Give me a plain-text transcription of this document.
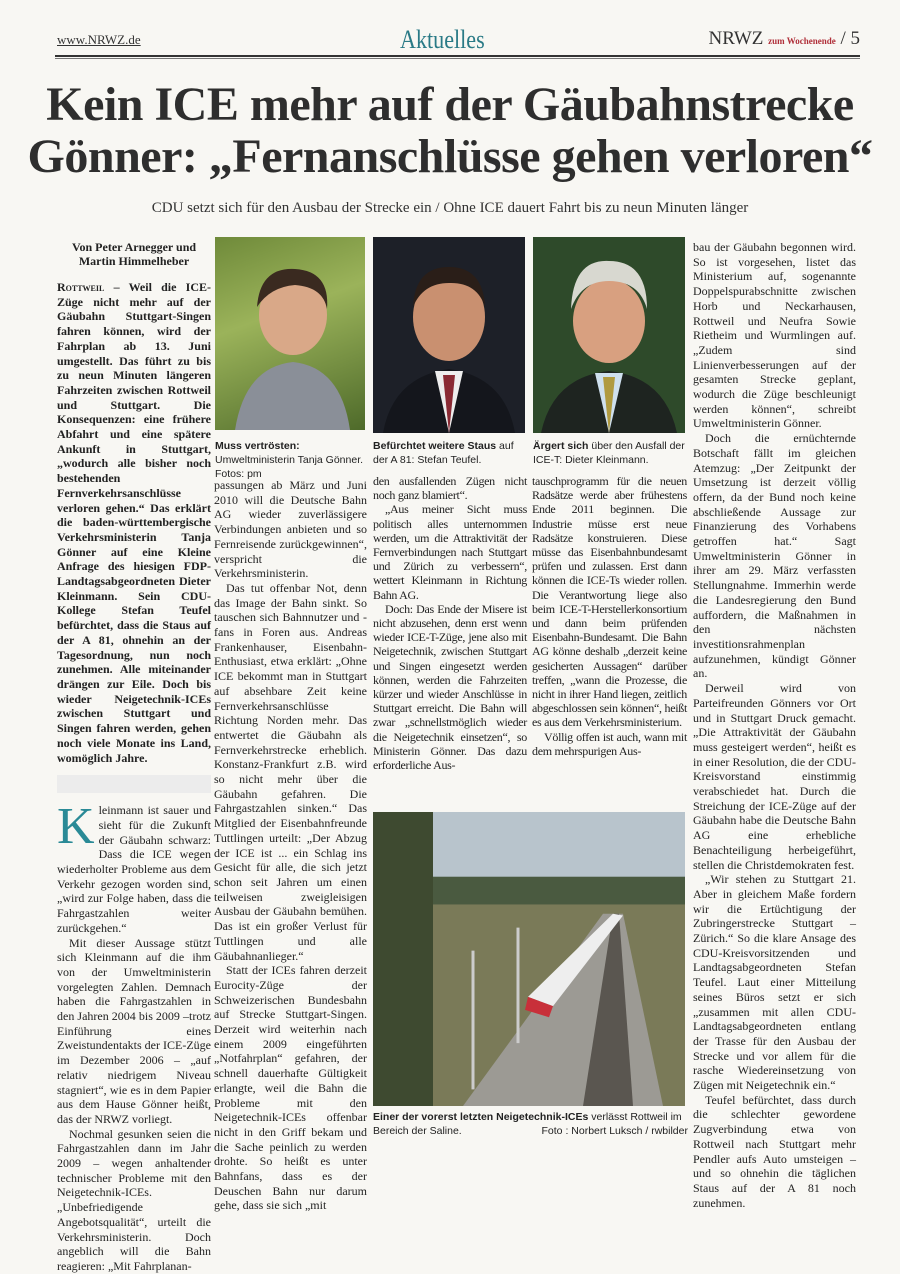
www.NRWZ.de	Aktuelles	NRWZ zum Wochenende / 5
Kein ICE mehr auf der Gäubahnstrecke
Gönner: „Fernanschlüsse gehen verloren“
CDU setzt sich für den Ausbau der Strecke ein / Ohne ICE dauert Fahrt bis zu neun Minuten länger

Von Peter Arnegger und Martin Himmelheber

Rottweil – Weil die ICE-Züge nicht mehr auf der Gäubahn Stuttgart-Singen fahren können, wird der Fahrplan ab 13. Juni umgestellt. Das führt zu bis zu neun Minuten längeren Fahrzeiten zwischen Rottweil und Stuttgart. Die Konsequenzen: eine frühere Abfahrt und eine spätere Ankunft in Stuttgart, „wodurch alle bisher noch bestehenden Fernverkehrsanschlüsse verloren gehen.“ Das erklärt die baden-württembergische Verkehrsministerin Tanja Gönner auf eine Kleine Anfrage des hiesigen FDP-Landtagsabgeordneten Dieter Kleinmann. Sein CDU-Kollege Stefan Teufel befürchtet, dass die Staus auf der A 81, ohnehin an der Tagesordnung, nun noch zunehmen. Alle miteinander drängen zur Eile. Doch bis wieder Neigetechnik-ICEs zwischen Stuttgart und Singen fahren werden, gehen noch viele Monate ins Land, womöglich Jahre.

Kleinmann ist sauer und sieht für die Zukunft der Gäubahn schwarz: Dass die ICE wegen wiederholter Probleme aus dem Verkehr gezogen worden sind, „wird zur Folge haben, dass die Fahrgastzahlen weiter zurückgehen.“

Mit dieser Aussage stützt sich Kleinmann auf die ihm von der Umweltministerin vorgelegten Zahlen. Demnach haben die Fahrgastzahlen in den Jahren 2004 bis 2009 –trotz Einführung eines Zweistundentakts der ICE-Züge im Dezember 2006 – „auf relativ niedrigem Niveau stagniert“, wie es in dem Papier aus dem Hause Gönner heißt, das der NRWZ vorliegt.

Nochmal gesunken seien die Fahrgastzahlen dann im Jahr 2009 – wegen anhaltender technischer Probleme mit den Neigetechnik-ICEs. „Unbefriedigende Angebotsqualität“, urteilt die Verkehrsministerin. Doch angeblich will die Bahn reagieren: „Mit Fahrplanan-

Muss vertrösten: Umweltministerin Tanja Gönner. Fotos: pm
Befürchtet weitere Staus auf der A 81: Stefan Teufel.
Ärgert sich über den Ausfall der ICE-T: Dieter Kleinmann.

passungen ab März und Juni 2010 will die Deutsche Bahn AG wieder zuverlässigere Verbindungen anbieten und so Fernreisende zurückgewinnen“, verspricht die Verkehrsministerin.

Das tut offenbar Not, denn das Image der Bahn sinkt. So tauschen sich Bahnnutzer und -fans in Foren aus. Andreas Frankenhauser, Eisenbahn-Enthusiast, etwa erklärt: „Ohne ICE bekommt man in Stuttgart auf absehbare Zeit keine Fernverkehrsanschlüsse Richtung Norden mehr. Das entwertet die Gäubahn als Fernverkehrstrecke erheblich. Konstanz-Frankfurt z.B. wird so nicht mehr über die Gäubahn gefahren. Die Fahrgastzahlen sinken.“ Das Mitglied der Eisenbahnfreunde Tuttlingen urteilt: „Der Abzug der ICE ist ... ein Schlag ins Gesicht für alle, die sich jetzt schon seit Jahren um einen teilweisen zweigleisigen Ausbau der Gäubahn bemühen. Das ist ein großer Verlust für Tuttlingen und alle Gäubahnanlieger.“

Statt der ICEs fahren derzeit Eurocity-Züge der Schweizerischen Bundesbahn auf Strecke Stuttgart-Singen. Derzeit wird weiterhin nach einem 2009 eingeführten „Notfahrplan“ gefahren, der schnell dauerhafte Gültigkeit erlangte, weil die Bahn die Probleme mit den Neigetechnik-ICEs offenbar nicht in den Griff bekam und die Sache peinlich zu werden drohte. So heißt es unter Bahnfans, dass es der Deuschen Bahn nur darum gehe, dass sie sich „mit

den ausfallenden Zügen nicht noch ganz blamiert“.

„Aus meiner Sicht muss politisch alles unternommen werden, um die Attraktivität der Fernverbindungen nach Stuttgart und Zürich zu verbessern“, wettert Kleinmann in Richtung Bahn AG.

Doch: Das Ende der Misere ist nicht abzusehen, denn erst wenn wieder ICE-T-Züge, jene also mit Neigetechnik, zwischen Stuttgart und Singen eingesetzt werden können, werden die Fahrzeiten kürzer und wieder Anschlüsse in Stuttgart erreicht. Die Bahn will zwar „schnellstmöglich wieder die Neigetechnik einsetzen“, so Ministerin Gönner. Das dazu erforderliche Aus-

tauschprogramm für die neuen Radsätze werde aber frühestens Ende 2011 beginnen. Die Industrie müsse erst neue Radsätze konstruieren. Diese müsse das Eisenbahnbundesamt prüfen und zulassen. Erst dann können die ICE-Ts wieder rollen. Die Verantwortung liege also beim ICE-T-Herstellerkonsortium und dann beim prüfenden Eisenbahn-Bundesamt. Die Bahn AG könne deshalb „derzeit keine gesicherten Aussagen“ darüber treffen, „wann die Prozesse, die nicht in ihrer Hand liegen, zeitlich abgeschlossen sein können“, heißt es aus dem Verkehrsministerium.

Völlig offen ist auch, wann mit dem mehrspurigen Aus-

Einer der vorerst letzten Neigetechnik-ICEs verlässt Rottweil im Bereich der Saline.	Foto : Norbert Luksch / rwbilder

bau der Gäubahn begonnen wird. So ist vorgesehen, listet das Ministerium auf, sogenannte Doppelspurabschnitte zwischen Horb und Neckarhausen, Rottweil und Neufra Sowie Rietheim und Wurmlingen auf. „Zudem sind Linienverbesserungen auf der gesamten Strecke geplant, wodurch die Züge beschleunigt werden können“, schreibt Umweltministerin Gönner.

Doch die ernüchternde Botschaft fällt im gleichen Atemzug: „Der Zeitpunkt der Umsetzung ist derzeit völlig offern, da der Bund noch keine abschließende Aussage zur Finanzierung des Vorhabens getroffen hat.“ Sagt Umweltministerin Gönner in ihrer am 29. März verfassten Stellungnahme. Immerhin werde die Landesregierung den Bund auffordern, die Maßnahmen in den nächsten investitionsrahmenplan aufzunehmen, kündigt Gönner an.

Derweil wird von Parteifreunden Gönners vor Ort und in Stuttgart Druck gemacht. „Die Attraktivität der Gäubahn muss gesteigert werden“, heißt es in einer Resolution, die der CDU-Kreisvorstand einstimmig verabschiedet hat. Durch die Streichung der ICE-Züge auf der Gäubahn habe die Deutsche Bahn AG eine erhebliche Benachteiligung herbeigeführt, stellen die Christdemokraten fest.

„Wir stehen zu Stuttgart 21. Aber in gleichem Maße fordern wir die Ertüchtigung der Zubringerstrecke Stuttgart – Zürich.“ So die klare Ansage des CDU-Kreisvorsitzenden und Landtagsabgeordneten Stefan Teufel. Laut einer Mitteilung seines Büros setzt er sich „zusammen mit allen CDU-Landtagsabgeordneten entlang der Trasse für den Ausbau der Strecke und vor allem für die rasche Wiedereinsetzung von Zügen mit Neigetechnik ein.“

Teufel befürchtet, dass durch die schlechter gewordene Zugverbindung etwa von Rottweil nach Stuttgart mehr Pendler aufs Auto umsteigen – und so ohnehin die täglichen Staus auf der A 81 noch zunehmen.
